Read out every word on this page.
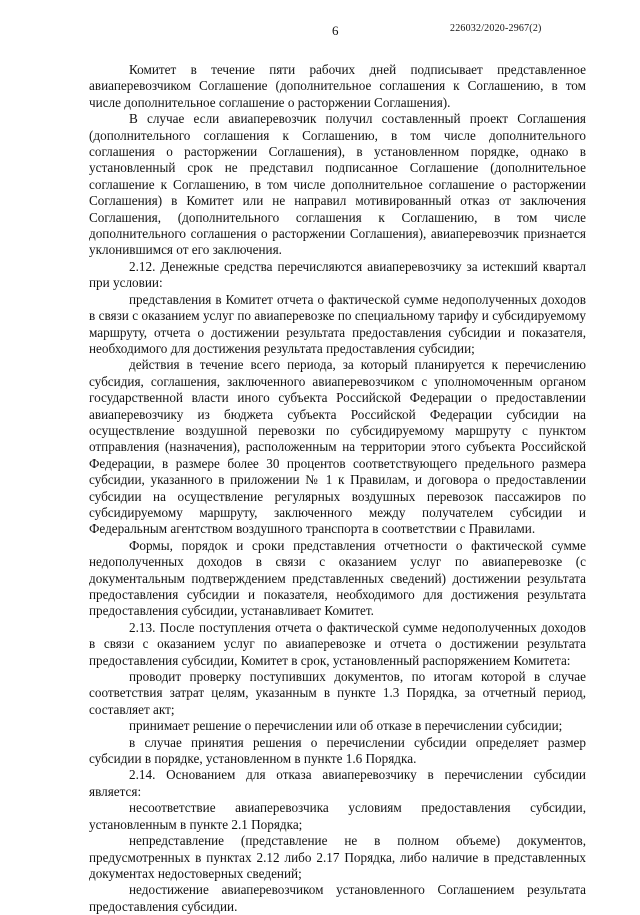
6	226032/2020-2967(2)

Комитет в течение пяти рабочих дней подписывает представленное авиаперевозчиком Соглашение (дополнительное соглашения к Соглашению, в том числе дополнительное соглашение о расторжении Соглашения).

В случае если авиаперевозчик получил составленный проект Соглашения (дополнительного соглашения к Соглашению, в том числе дополнительного соглашения о расторжении Соглашения), в установленном порядке, однако в установленный срок не представил подписанное Соглашение (дополнительное соглашение к Соглашению, в том числе дополнительное соглашение о расторжении Соглашения) в Комитет или не направил мотивированный отказ от заключения Соглашения, (дополнительного соглашения к Соглашению, в том числе дополнительного соглашения о расторжении Соглашения), авиаперевозчик признается уклонившимся от его заключения.

2.12. Денежные средства перечисляются авиаперевозчику за истекший квартал при условии:

представления в Комитет отчета о фактической сумме недополученных доходов в связи с оказанием услуг по авиаперевозке по специальному тарифу и субсидируемому маршруту, отчета о достижении результата предоставления субсидии и показателя, необходимого для достижения результата предоставления субсидии;

действия в течение всего периода, за который планируется к перечислению субсидия, соглашения, заключенного авиаперевозчиком с уполномоченным органом государственной власти иного субъекта Российской Федерации о предоставлении авиаперевозчику из бюджета субъекта Российской Федерации субсидии на осуществление воздушной перевозки по субсидируемому маршруту с пунктом отправления (назначения), расположенным на территории этого субъекта Российской Федерации, в размере более 30 процентов соответствующего предельного размера субсидии, указанного в приложении № 1 к Правилам, и договора о предоставлении субсидии на осуществление регулярных воздушных перевозок пассажиров по субсидируемому маршруту, заключенного между получателем субсидии и Федеральным агентством воздушного транспорта в соответствии с Правилами.

Формы, порядок и сроки представления отчетности о фактической сумме недополученных доходов в связи с оказанием услуг по авиаперевозке (с документальным подтверждением представленных сведений) достижении результата предоставления субсидии и показателя, необходимого для достижения результата предоставления субсидии, устанавливает Комитет.

2.13. После поступления отчета о фактической сумме недополученных доходов в связи с оказанием услуг по авиаперевозке и отчета о достижении результата предоставления субсидии, Комитет в срок, установленный распоряжением Комитета:

проводит проверку поступивших документов, по итогам которой в случае соответствия затрат целям, указанным в пункте 1.3 Порядка, за отчетный период, составляет акт;

принимает решение о перечислении или об отказе в перечислении субсидии;

в случае принятия решения о перечислении субсидии определяет размер субсидии в порядке, установленном в пункте 1.6 Порядка.

2.14. Основанием для отказа авиаперевозчику в перечислении субсидии является:

несоответствие авиаперевозчика условиям предоставления субсидии, установленным в пункте 2.1 Порядка;

непредставление (представление не в полном объеме) документов, предусмотренных в пунктах 2.12 либо 2.17 Порядка, либо наличие в представленных документах недостоверных сведений;

недостижение авиаперевозчиком установленного Соглашением результата предоставления субсидии.
